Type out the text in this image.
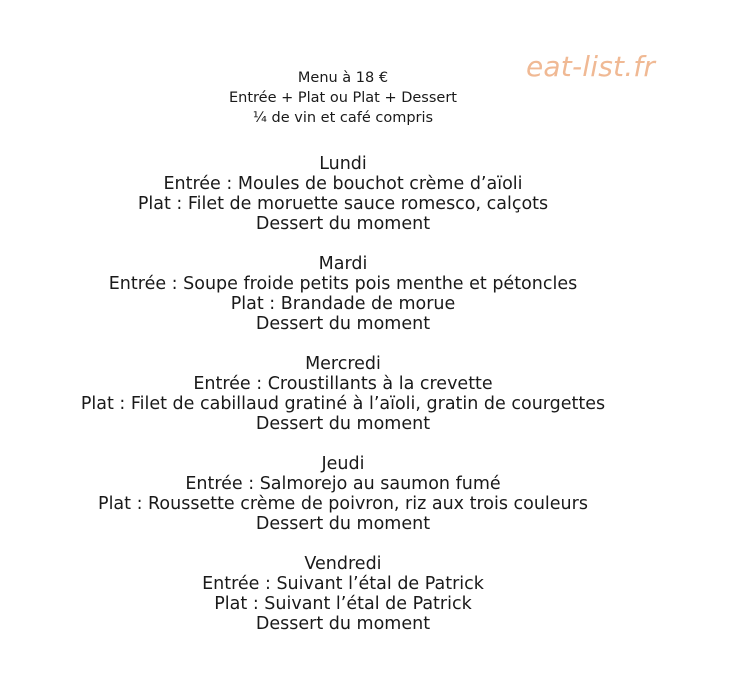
eat-list.fr
Menu à 18 €
Entrée + Plat ou Plat + Dessert
¼ de vin et café compris
Lundi
Entrée : Moules de bouchot crème d’aïoli
Plat : Filet de moruette sauce romesco, calçots
Dessert du moment
Mardi
Entrée : Soupe froide petits pois menthe et pétoncles
Plat : Brandade de morue
Dessert du moment
Mercredi
Entrée : Croustillants à la crevette
Plat : Filet de cabillaud gratiné à l’aïoli, gratin de courgettes
Dessert du moment
Jeudi
Entrée : Salmorejo au saumon fumé
Plat : Roussette crème de poivron, riz aux trois couleurs
Dessert du moment
Vendredi
Entrée : Suivant l’étal de Patrick
Plat : Suivant l’étal de Patrick
Dessert du moment
